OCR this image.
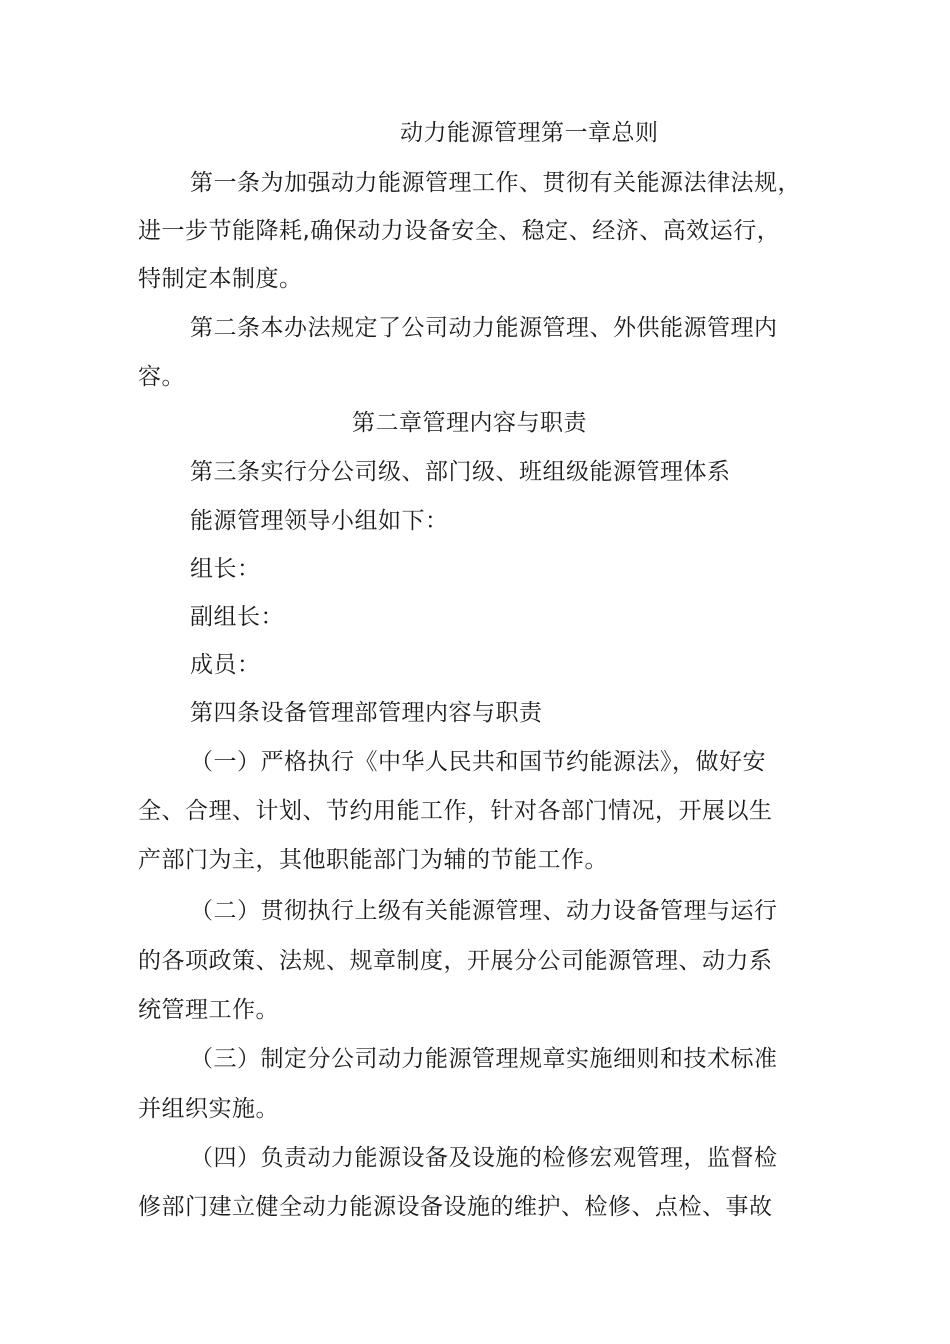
动力能源管理第一章总则
第一条为加强动力能源管理工作、贯彻有关能源法律法规，
进一步节能降耗,确保动力设备安全、稳定、经济、高效运行，
特制定本制度。
第二条本办法规定了公司动力能源管理、外供能源管理内
容。
第二章管理内容与职责
第三条实行分公司级、部门级、班组级能源管理体系
能源管理领导小组如下：
组长：
副组长：
成员：
第四条设备管理部管理内容与职责
（一）严格执行《中华人民共和国节约能源法》，做好安
全、合理、计划、节约用能工作，针对各部门情况，开展以生
产部门为主，其他职能部门为辅的节能工作。
（二）贯彻执行上级有关能源管理、动力设备管理与运行
的各项政策、法规、规章制度，开展分公司能源管理、动力系
统管理工作。
（三）制定分公司动力能源管理规章实施细则和技术标准
并组织实施。
（四）负责动力能源设备及设施的检修宏观管理，监督检
修部门建立健全动力能源设备设施的维护、检修、点检、事故
